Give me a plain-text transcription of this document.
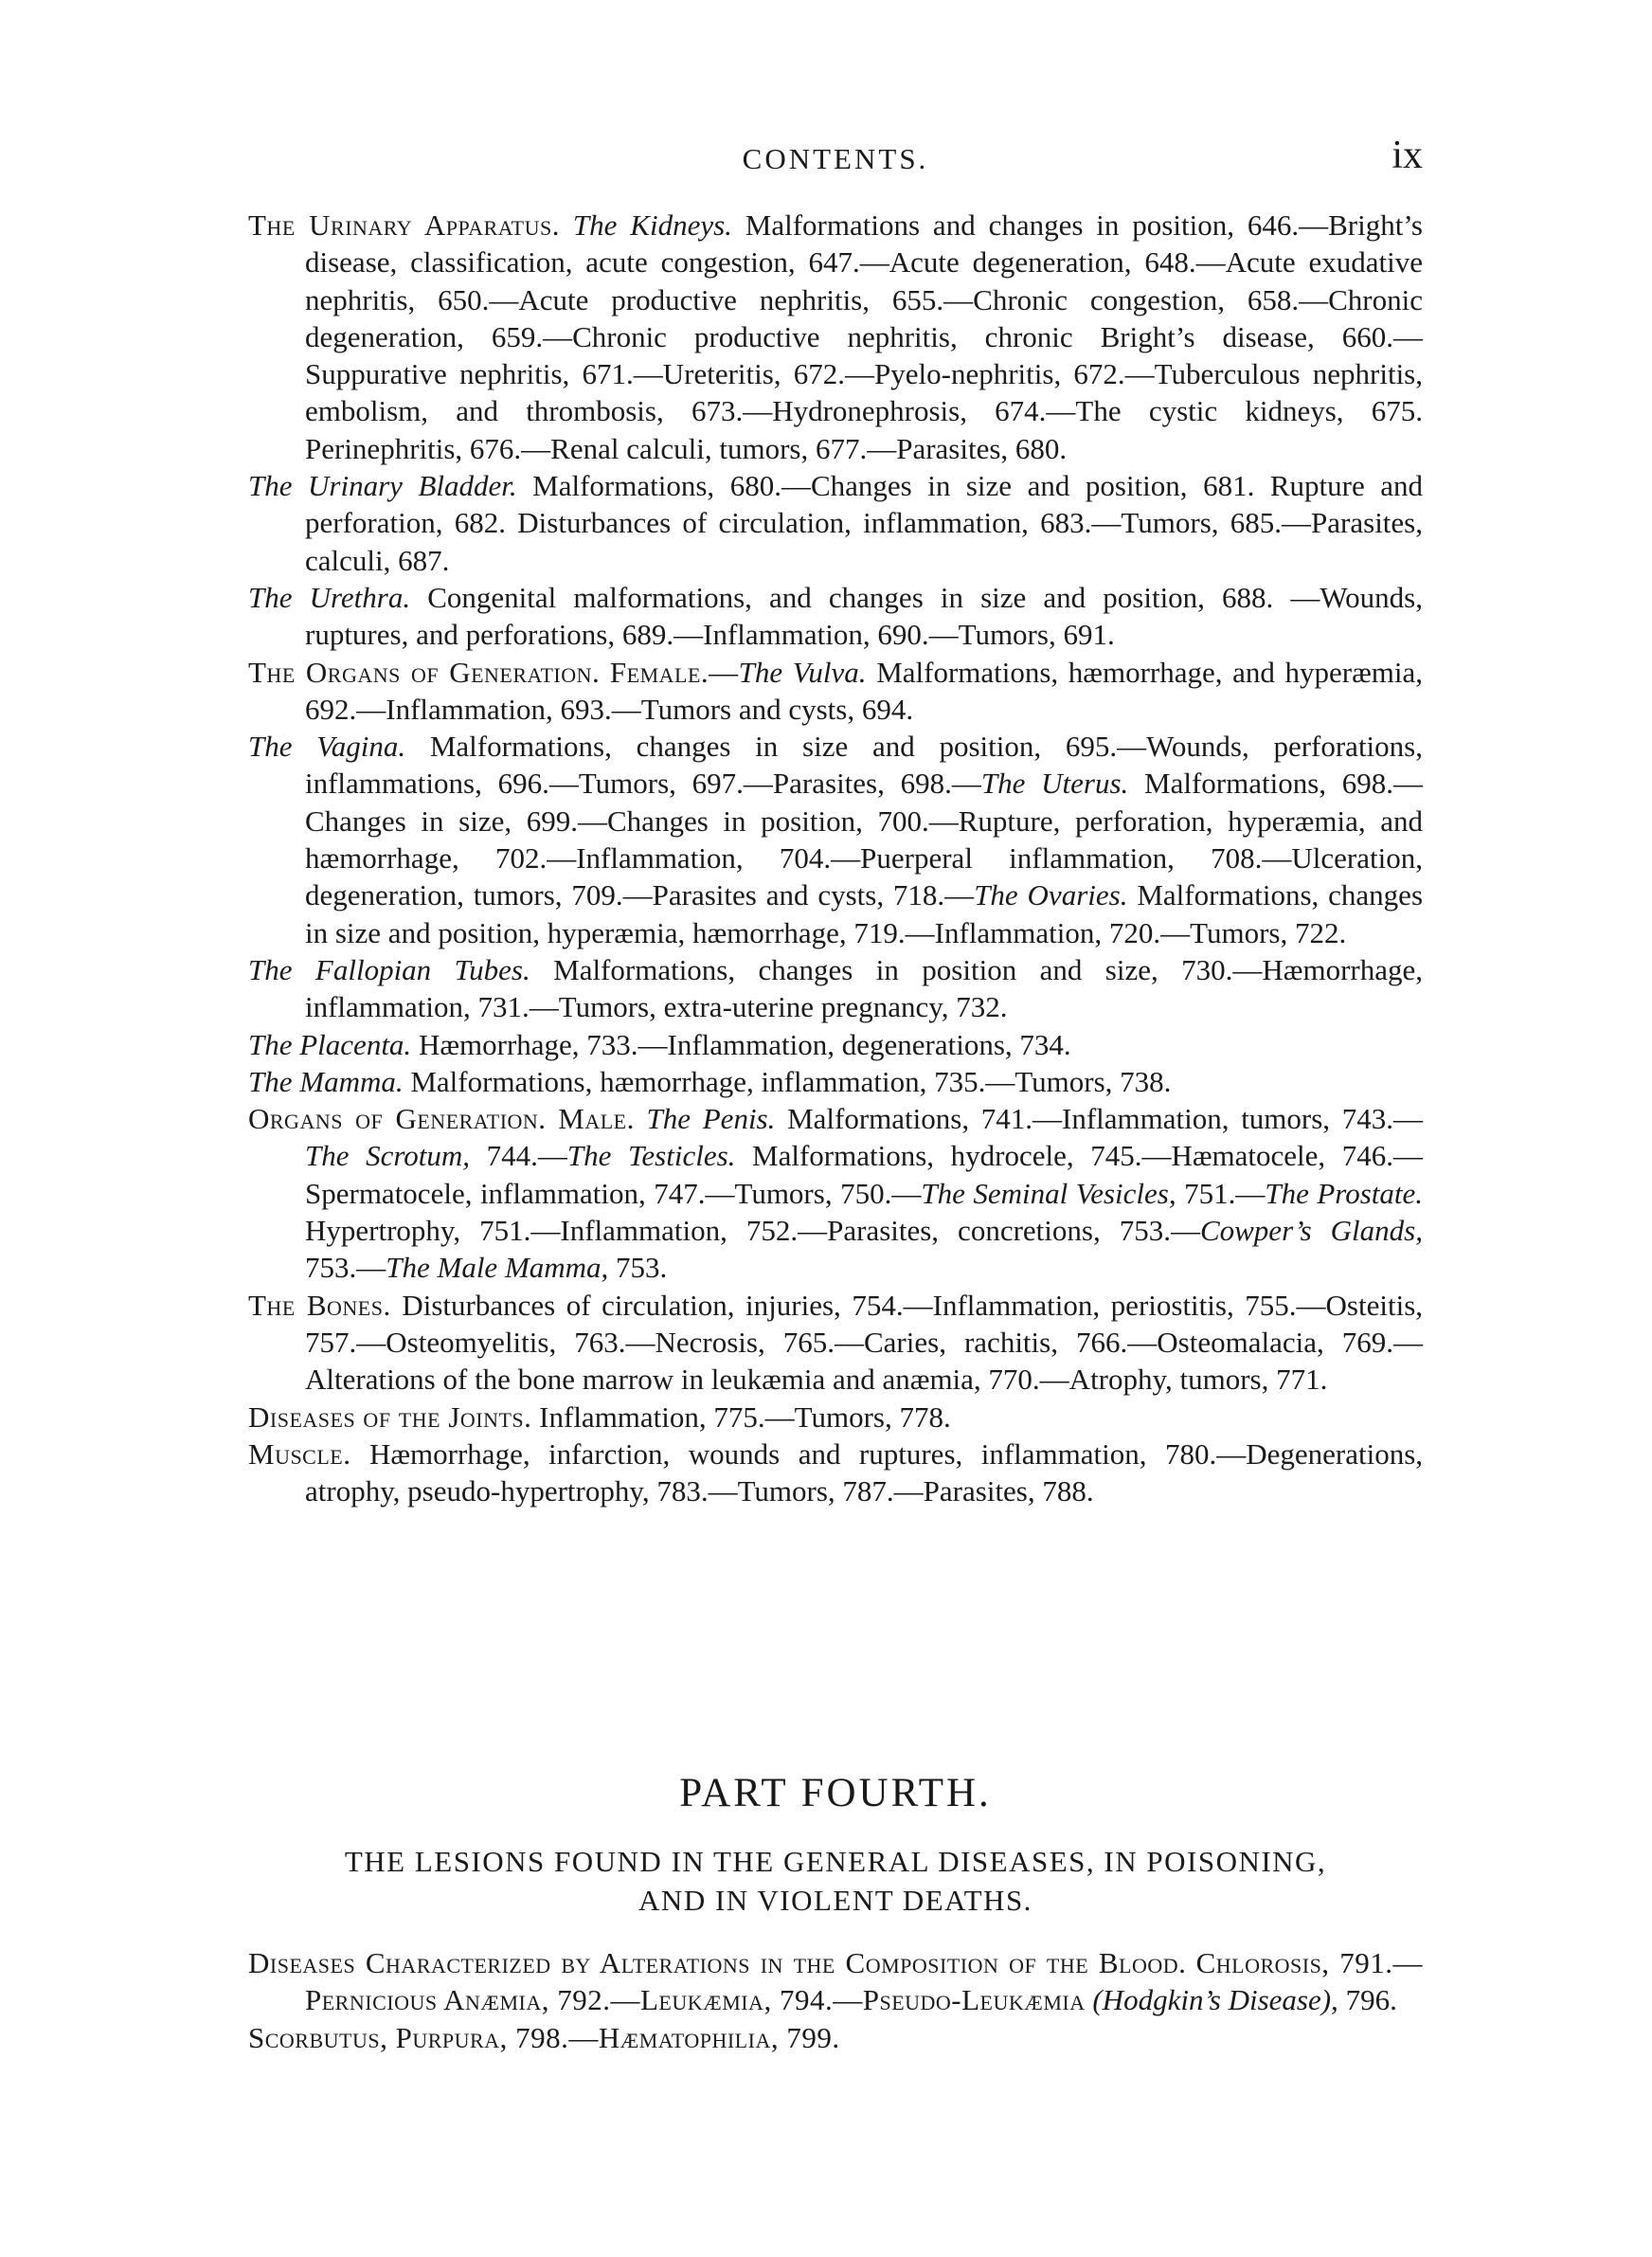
CONTENTS.	ix

The Urinary Apparatus. The Kidneys. Malformations and changes in position, 646.—Bright’s disease, classification, acute congestion, 647.—Acute degeneration, 648.—Acute exudative nephritis, 650.—Acute productive nephritis, 655.—Chronic congestion, 658.—Chronic degeneration, 659.—Chronic productive nephritis, chronic Bright’s disease, 660.—Suppurative nephritis, 671.—Ureteritis, 672.—Pyelo-nephritis, 672.—Tuberculous nephritis, embolism, and thrombosis, 673.—Hydronephrosis, 674.—The cystic kidneys, 675. Perinephritis, 676.—Renal calculi, tumors, 677.—Parasites, 680.

The Urinary Bladder. Malformations, 680.—Changes in size and position, 681. Rupture and perforation, 682. Disturbances of circulation, inflammation, 683.—Tumors, 685.—Parasites, calculi, 687.

The Urethra. Congenital malformations, and changes in size and position, 688. —Wounds, ruptures, and perforations, 689.—Inflammation, 690.—Tumors, 691.

The Organs of Generation. Female.—The Vulva. Malformations, hæmorrhage, and hyperæmia, 692.—Inflammation, 693.—Tumors and cysts, 694.

The Vagina. Malformations, changes in size and position, 695.—Wounds, perforations, inflammations, 696.—Tumors, 697.—Parasites, 698.—The Uterus. Malformations, 698.—Changes in size, 699.—Changes in position, 700.—Rupture, perforation, hyperæmia, and hæmorrhage, 702.—Inflammation, 704.—Puerperal inflammation, 708.—Ulceration, degeneration, tumors, 709.—Parasites and cysts, 718.—The Ovaries. Malformations, changes in size and position, hyperæmia, hæmorrhage, 719.—Inflammation, 720.—Tumors, 722.

The Fallopian Tubes. Malformations, changes in position and size, 730.—Hæmorrhage, inflammation, 731.—Tumors, extra-uterine pregnancy, 732.

The Placenta. Hæmorrhage, 733.—Inflammation, degenerations, 734.

The Mamma. Malformations, hæmorrhage, inflammation, 735.—Tumors, 738.

Organs of Generation. Male. The Penis. Malformations, 741.—Inflammation, tumors, 743.—The Scrotum, 744.—The Testicles. Malformations, hydrocele, 745.—Hæmatocele, 746.—Spermatocele, inflammation, 747.—Tumors, 750.—The Seminal Vesicles, 751.—The Prostate. Hypertrophy, 751.—Inflammation, 752.—Parasites, concretions, 753.—Cowper’s Glands, 753.—The Male Mamma, 753.

The Bones. Disturbances of circulation, injuries, 754.—Inflammation, periostitis, 755.—Osteitis, 757.—Osteomyelitis, 763.—Necrosis, 765.—Caries, rachitis, 766.—Osteomalacia, 769.—Alterations of the bone marrow in leukæmia and anæmia, 770.—Atrophy, tumors, 771.

Diseases of the Joints. Inflammation, 775.—Tumors, 778.

Muscle. Hæmorrhage, infarction, wounds and ruptures, inflammation, 780.—Degenerations, atrophy, pseudo-hypertrophy, 783.—Tumors, 787.—Parasites, 788.

PART FOURTH.
THE LESIONS FOUND IN THE GENERAL DISEASES, IN POISONING,
AND IN VIOLENT DEATHS.

Diseases Characterized by Alterations in the Composition of the Blood. Chlorosis, 791.—Pernicious Anæmia, 792.—Leukæmia, 794.—Pseudo-Leukæmia (Hodgkin’s Disease), 796.

Scorbutus, Purpura, 798.—Hæmatophilia, 799.
